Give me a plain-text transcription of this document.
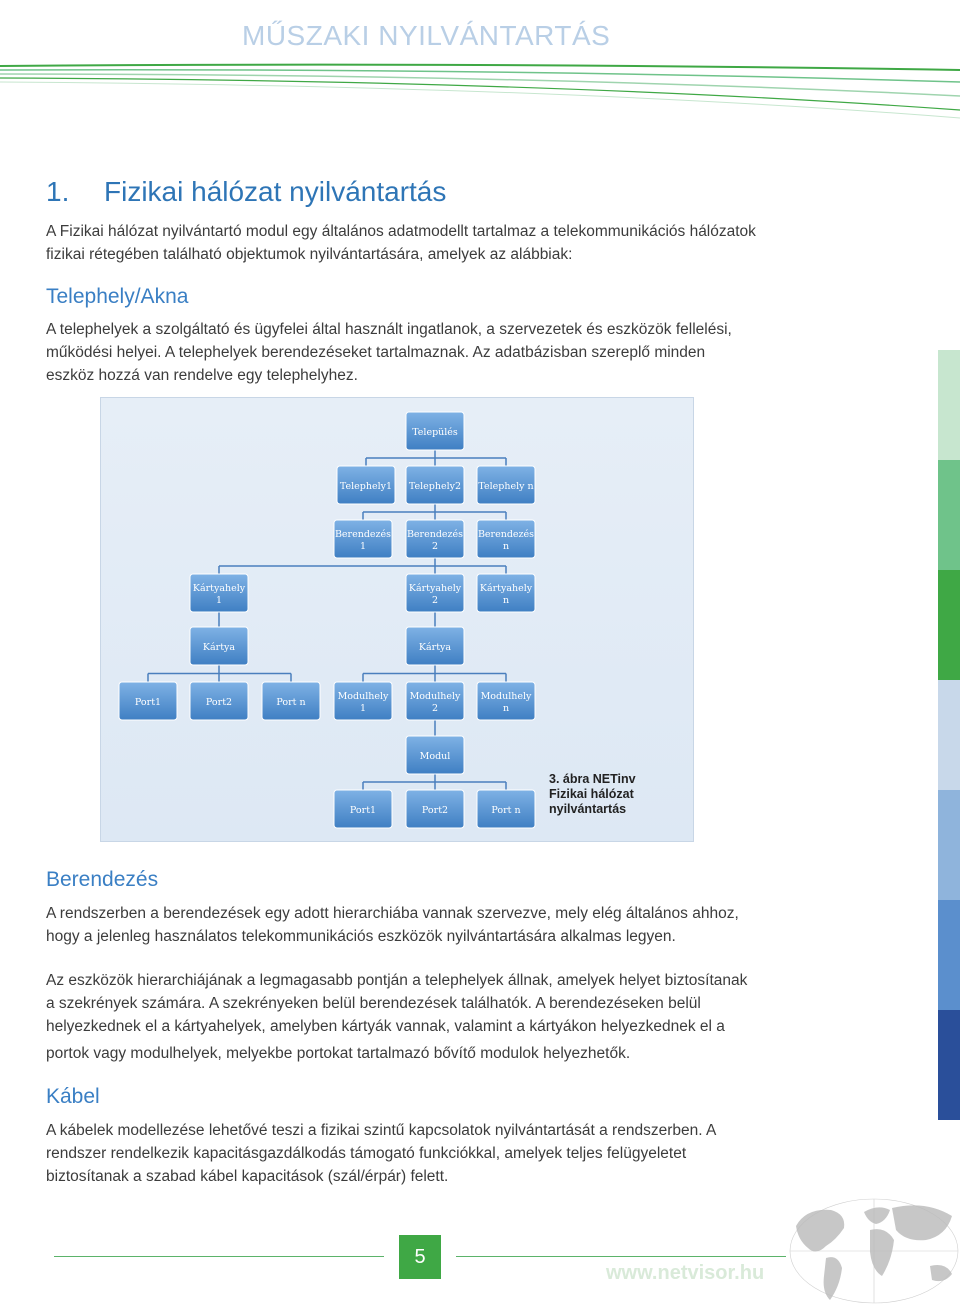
MŰSZAKI NYILVÁNTARTÁS
1. Fizikai hálózat nyilvántartás
A Fizikai hálózat nyilvántartó modul egy általános adatmodellt tartalmaz a telekommunikációs hálózatok
fizikai rétegében található objektumok nyilvántartására, amelyek az alábbiak:
Telephely/Akna
A telephelyek a szolgáltató és ügyfelei által használt ingatlanok, a szervezetek és eszközök fellelési,
működési helyei. A telephelyek berendezéseket tartalmaznak. Az adatbázisban szereplő minden
eszköz hozzá van rendelve egy telephelyhez.
Település
Telephely1 Telephely2 Telephely n
Berendezés
1
Berendezés
2
Berendezés
n
Kártyahely
1
Kártyahely
2
Kártyahely
n
Kártya	Kártya
Port1	Port2	Port n
Modulhely
1
Modulhely
2
Modulhely
n
Modul
Port1	Port2	Port n
3. ábra NETinv
Fizikai hálózat
nyilvántartás
Berendezés
A rendszerben a berendezések egy adott hierarchiába vannak szervezve, mely elég általános ahhoz,
hogy a jelenleg használatos telekommunikációs eszközök nyilvántartására alkalmas legyen.
Az eszközök hierarchiájának a legmagasabb pontján a telephelyek állnak, amelyek helyet biztosítanak
a szekrények számára. A szekrényeken belül berendezések találhatók. A berendezéseken belül
helyezkednek el a kártyahelyek, amelyben kártyák vannak, valamint a kártyákon helyezkednek el a
portok vagy modulhelyek, melyekbe portokat tartalmazó bővítő modulok helyezhetők.
Kábel
A kábelek modellezése lehetővé teszi a fizikai szintű kapcsolatok nyilvántartását a rendszerben. A
rendszer rendelkezik kapacitásgazdálkodás támogató funkciókkal, amelyek teljes felügyeletet
biztosítanak a szabad kábel kapacitások (szál/érpár) felett.
5
www.netvisor.hu
